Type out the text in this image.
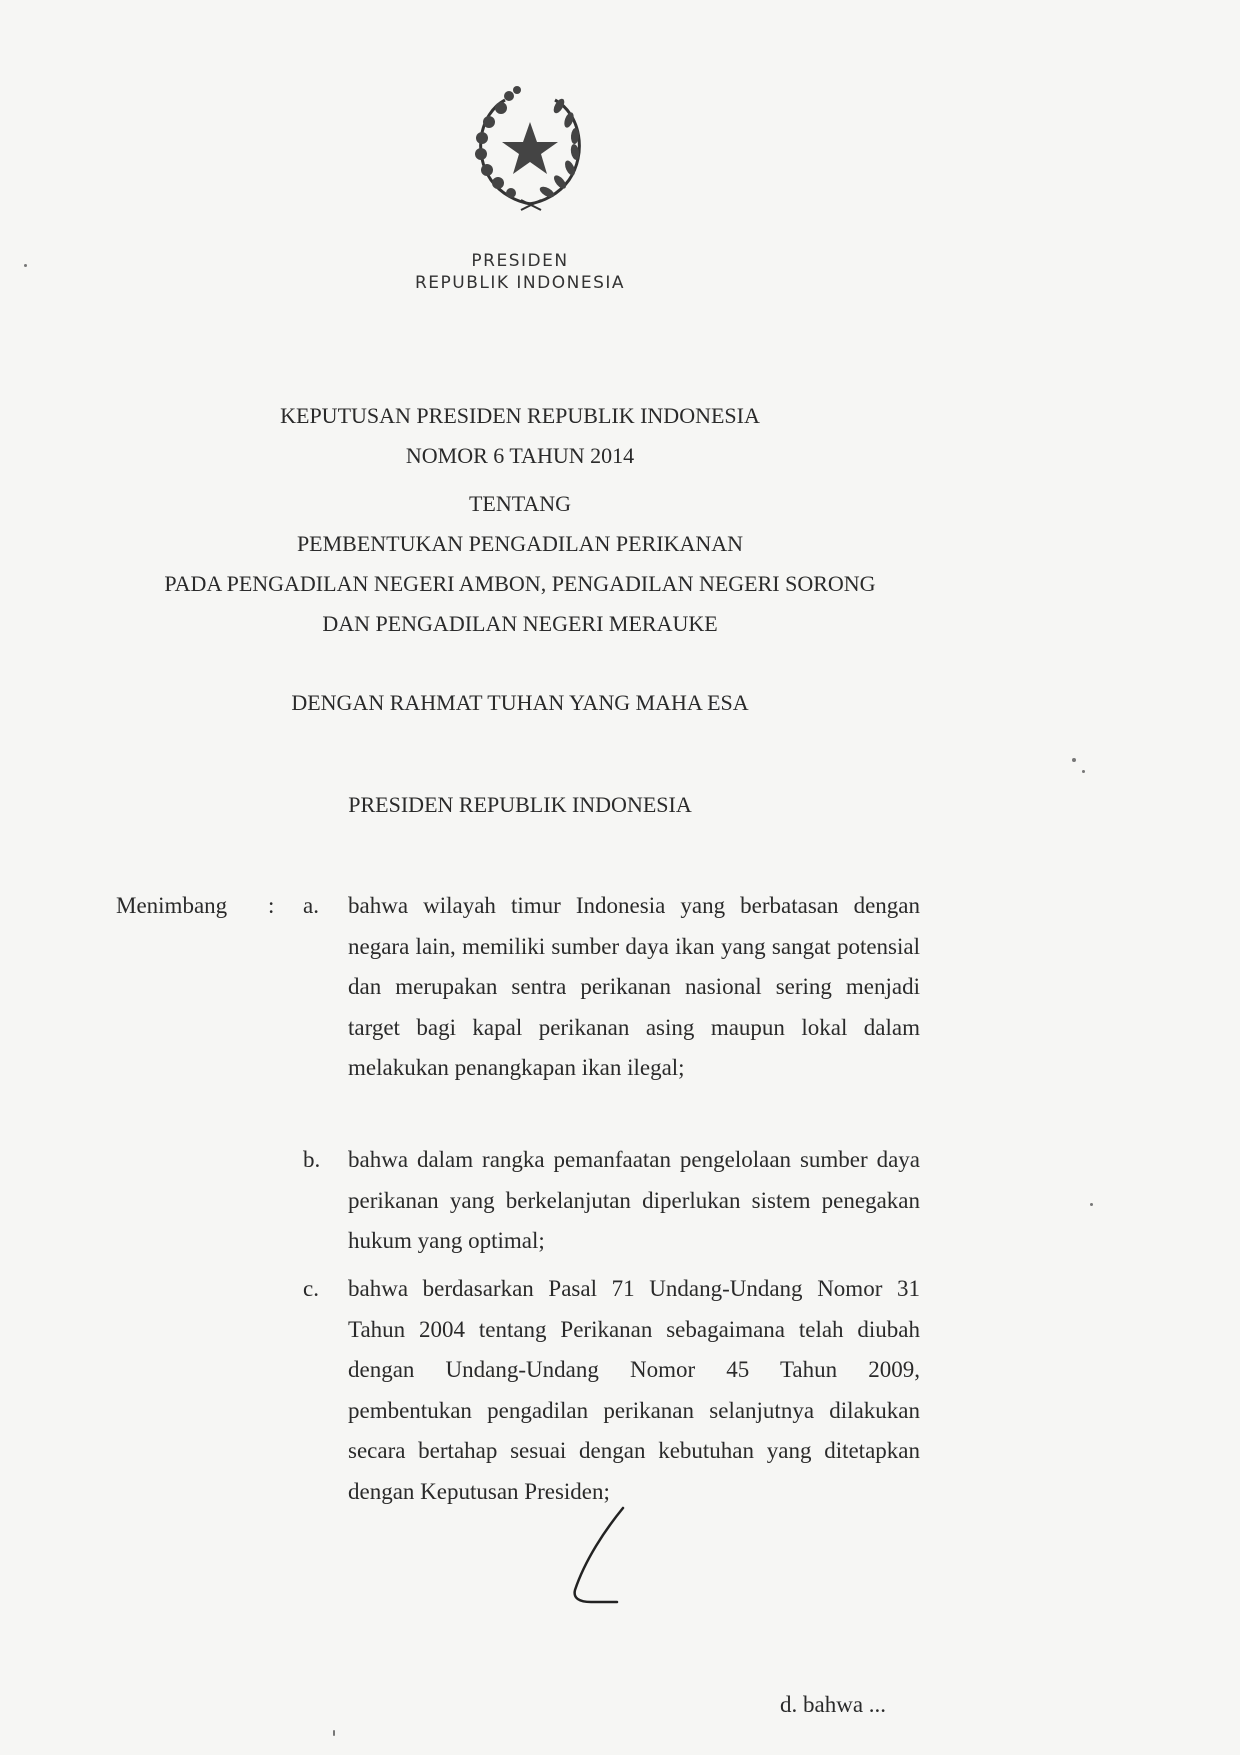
PRESIDEN
REPUBLIK INDONESIA
KEPUTUSAN PRESIDEN REPUBLIK INDONESIA
NOMOR 6 TAHUN 2014
TENTANG
PEMBENTUKAN PENGADILAN PERIKANAN
PADA PENGADILAN NEGERI AMBON, PENGADILAN NEGERI SORONG
DAN PENGADILAN NEGERI MERAUKE
DENGAN RAHMAT TUHAN YANG MAHA ESA
PRESIDEN REPUBLIK INDONESIA
Menimbang : a. bahwa wilayah timur Indonesia yang berbatasan dengan negara lain, memiliki sumber daya ikan yang sangat potensial dan merupakan sentra perikanan nasional sering menjadi target bagi kapal perikanan asing maupun lokal dalam melakukan penangkapan ikan ilegal;
b. bahwa dalam rangka pemanfaatan pengelolaan sumber daya perikanan yang berkelanjutan diperlukan sistem penegakan hukum yang optimal;
c. bahwa berdasarkan Pasal 71 Undang-Undang Nomor 31 Tahun 2004 tentang Perikanan sebagaimana telah diubah dengan Undang-Undang Nomor 45 Tahun 2009, pembentukan pengadilan perikanan selanjutnya dilakukan secara bertahap sesuai dengan kebutuhan yang ditetapkan dengan Keputusan Presiden;
d. bahwa ...
